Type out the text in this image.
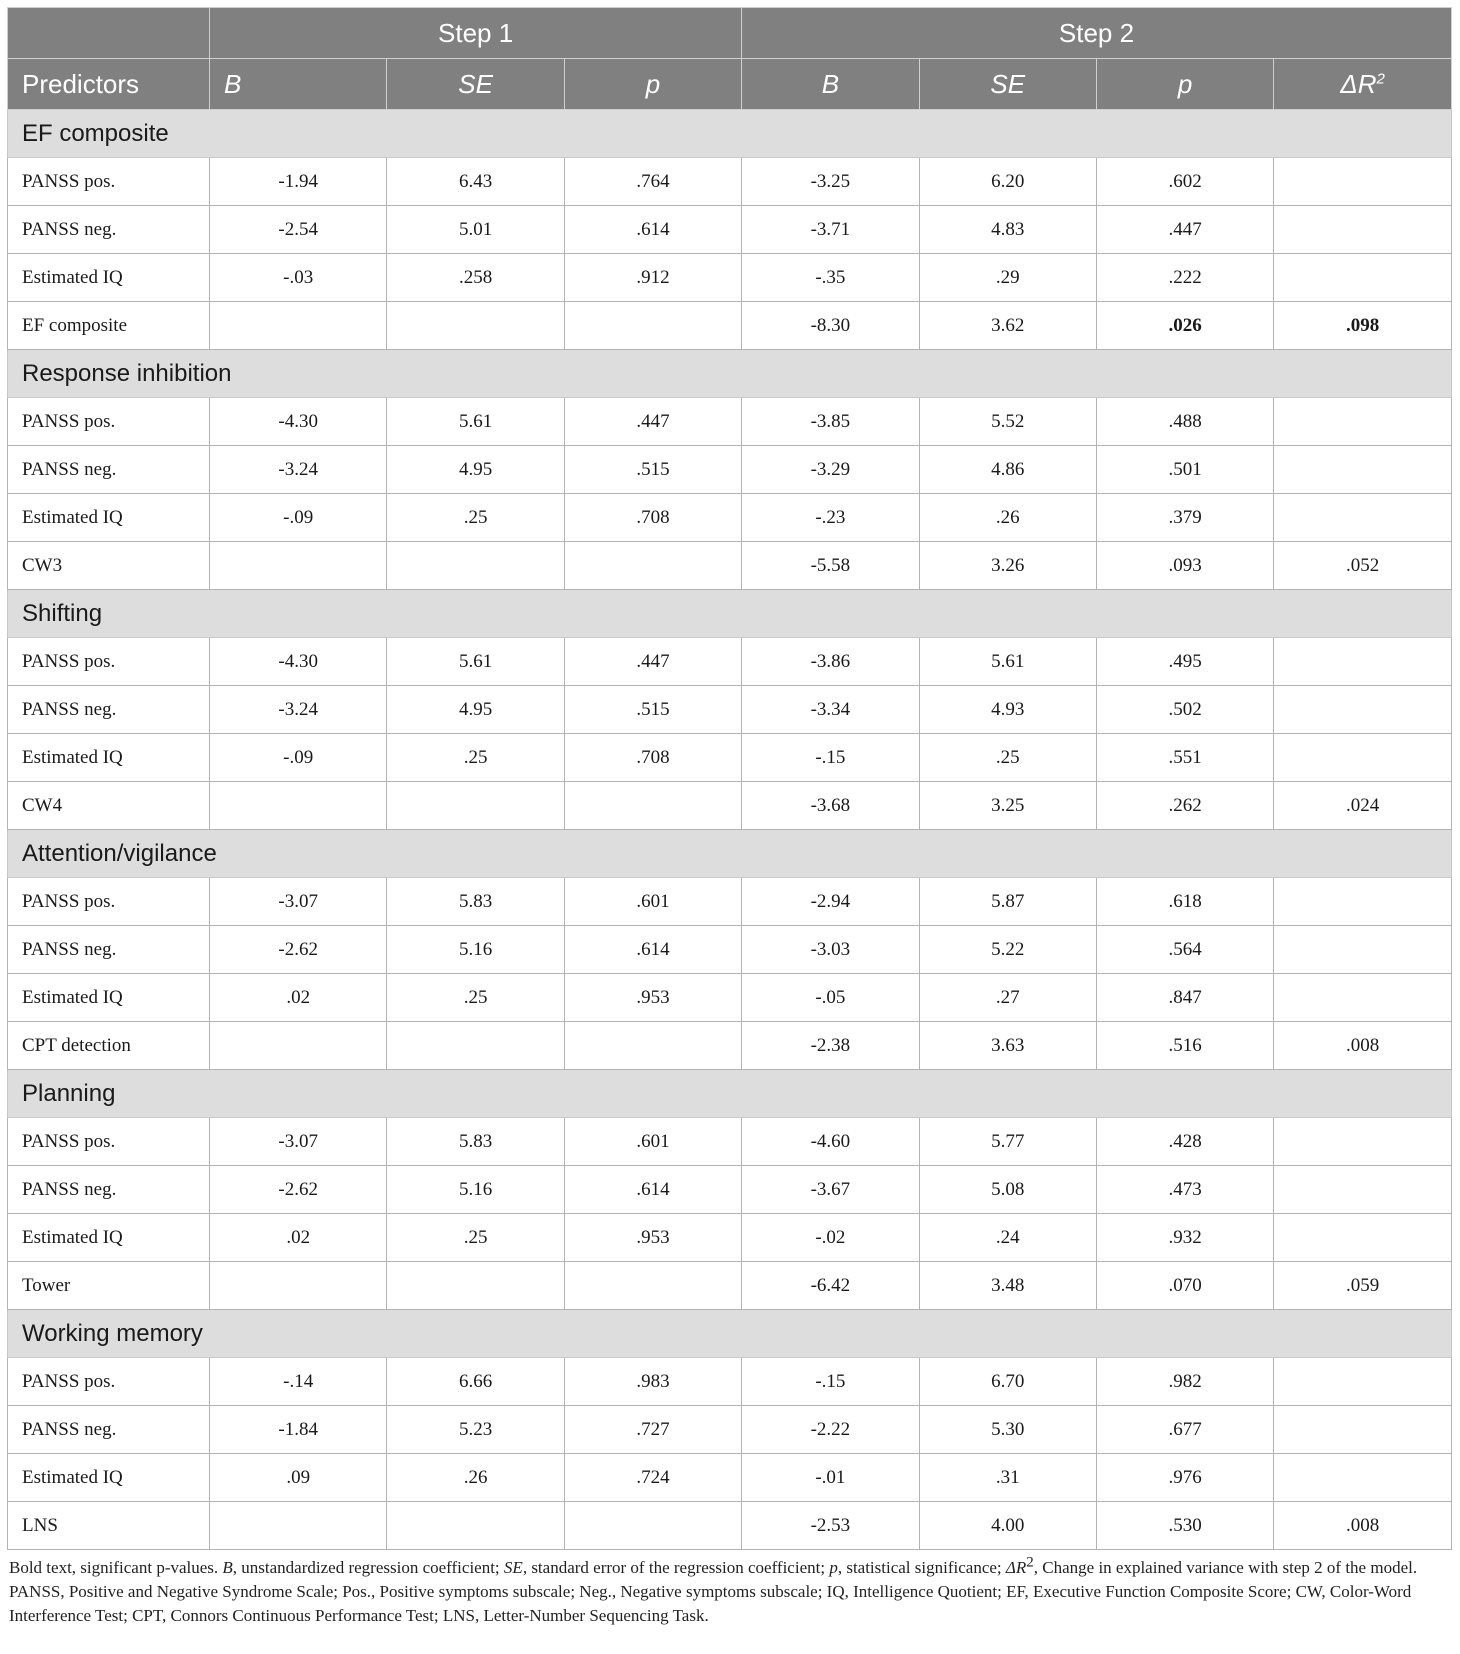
	Step 1			Step 2			
Predictors	B	SE	p	B	SE	p	$\Delta R^2$
EF composite							
PANSS pos.	-1.94	6.43	.764	-3.25	6.20	.602	
PANSS neg.	-2.54	5.01	.614	-3.71	4.83	.447	
Estimated IQ	-.03	.258	.912	-.35	.29	.222	
EF composite				-8.30	3.62	.026	.098
Response inhibition							
PANSS pos.	-4.30	5.61	.447	-3.85	5.52	.488	
PANSS neg.	-3.24	4.95	.515	-3.29	4.86	.501	
Estimated IQ	-.09	.25	.708	-.23	.26	.379	
CW3				-5.58	3.26	.093	.052
Shifting							
PANSS pos.	-4.30	5.61	.447	-3.86	5.61	.495	
PANSS neg.	-3.24	4.95	.515	-3.34	4.93	.502	
Estimated IQ	-.09	.25	.708	-.15	.25	.551	
CW4				-3.68	3.25	.262	.024
Attention/vigilance							
PANSS pos.	-3.07	5.83	.601	-2.94	5.87	.618	
PANSS neg.	-2.62	5.16	.614	-3.03	5.22	.564	
Estimated IQ	.02	.25	.953	-.05	.27	.847	
CPT detection				-2.38	3.63	.516	.008
Planning							
PANSS pos.	-3.07	5.83	.601	-4.60	5.77	.428	
PANSS neg.	-2.62	5.16	.614	-3.67	5.08	.473	
Estimated IQ	.02	.25	.953	-.02	.24	.932	
Tower				-6.42	3.48	.070	.059
Working memory							
PANSS pos.	-.14	6.66	.983	-.15	6.70	.982	
PANSS neg.	-1.84	5.23	.727	-2.22	5.30	.677	
Estimated IQ	.09	.26	.724	-.01	.31	.976	
LNS				-2.53	4.00	.530	.008
Bold text, significant p-values. B, unstandardized regression coefficient; SE, standard error of the regression coefficient; p, statistical significance; ΔR2, Change in explained variance with step 2 of the model. PANSS, Positive and Negative Syndrome Scale; Pos., Positive symptoms subscale; Neg., Negative symptoms subscale; IQ, Intelligence Quotient; EF, Executive Function Composite Score; CW, Color-Word Interference Test; CPT, Connors Continuous Performance Test; LNS, Letter-Number Sequencing Task.
